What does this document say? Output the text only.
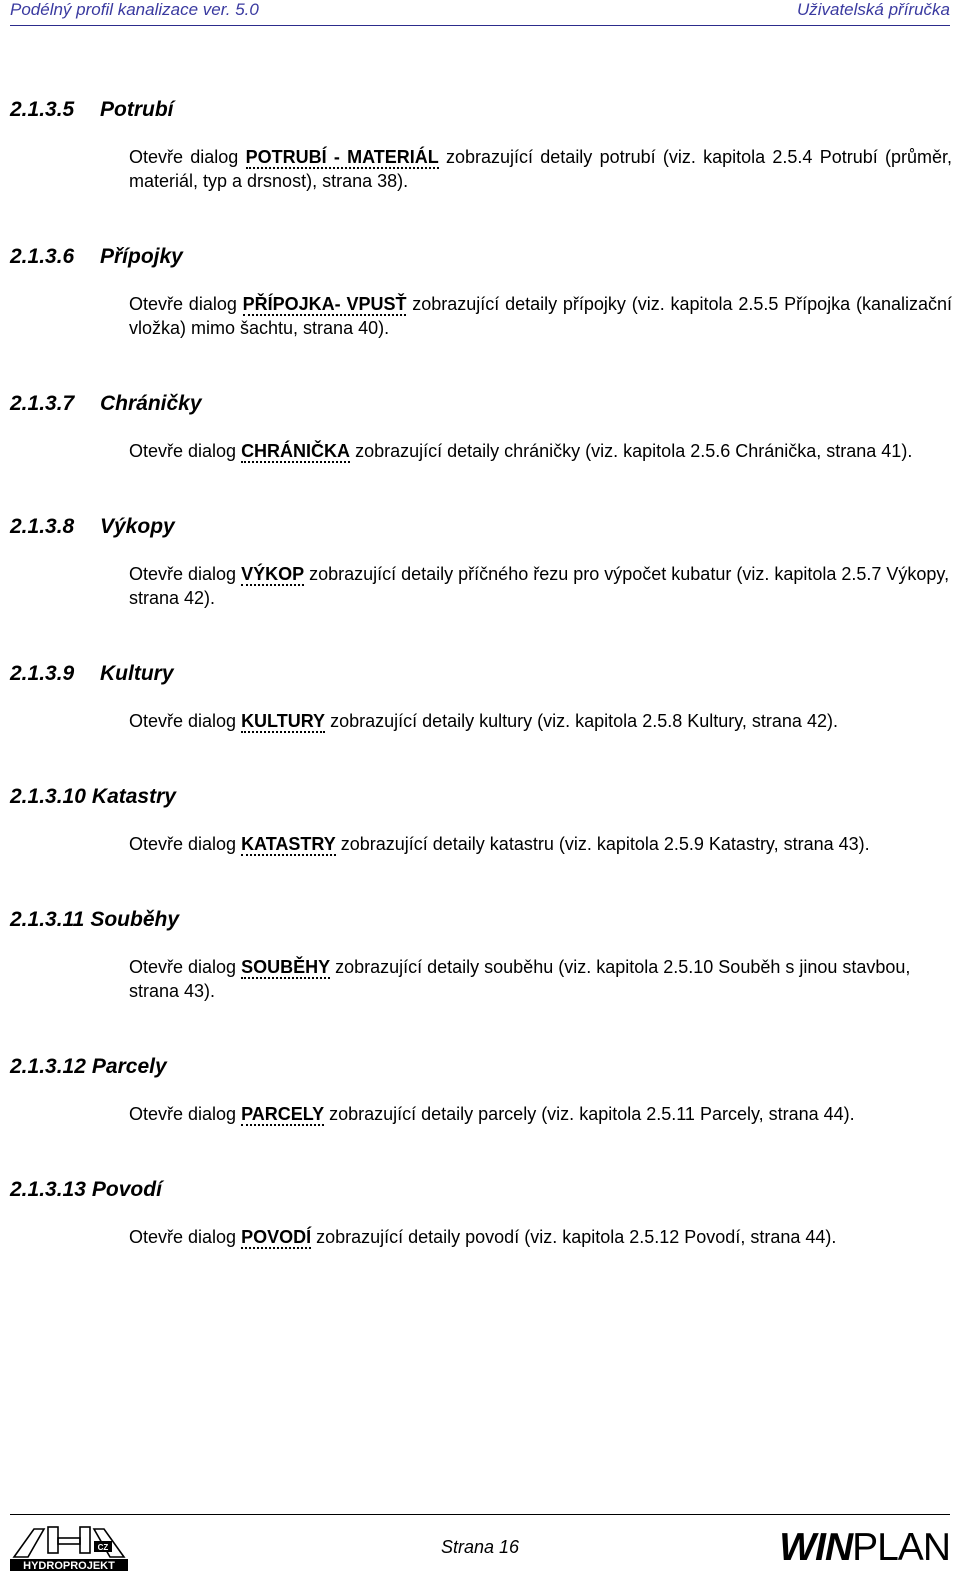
Podélný profil kanalizace ver. 5.0	Uživatelská příručka
2.1.3.5	Potrubí
Otevře dialog POTRUBÍ - MATERIÁL zobrazující detaily potrubí (viz. kapitola 2.5.4 Potrubí (průměr, materiál, typ a drsnost), strana 38).
2.1.3.6	Přípojky
Otevře dialog PŘÍPOJKA- VPUSŤ zobrazující detaily přípojky (viz. kapitola 2.5.5 Přípojka (kanalizační vložka) mimo šachtu, strana 40).
2.1.3.7	Chráničky
Otevře dialog CHRÁNIČKA zobrazující detaily chráničky (viz. kapitola 2.5.6 Chránička, strana 41).
2.1.3.8	Výkopy
Otevře dialog VÝKOP zobrazující detaily příčného řezu pro výpočet kubatur (viz. kapitola 2.5.7 Výkopy, strana 42).
2.1.3.9	Kultury
Otevře dialog KULTURY zobrazující detaily kultury (viz. kapitola 2.5.8 Kultury, strana 42).
2.1.3.10 Katastry
Otevře dialog KATASTRY zobrazující detaily katastru (viz. kapitola 2.5.9 Katastry, strana 43).
2.1.3.11 Souběhy
Otevře dialog SOUBĚHY zobrazující detaily souběhu (viz. kapitola 2.5.10 Souběh s jinou stavbou, strana 43).
2.1.3.12 Parcely
Otevře dialog PARCELY zobrazující detaily parcely (viz. kapitola 2.5.11 Parcely, strana 44).
2.1.3.13 Povodí
Otevře dialog POVODÍ zobrazující detaily povodí (viz. kapitola 2.5.12 Povodí, strana 44).
CZ
HYDROPROJEKT
Strana 16	WINPLAN
